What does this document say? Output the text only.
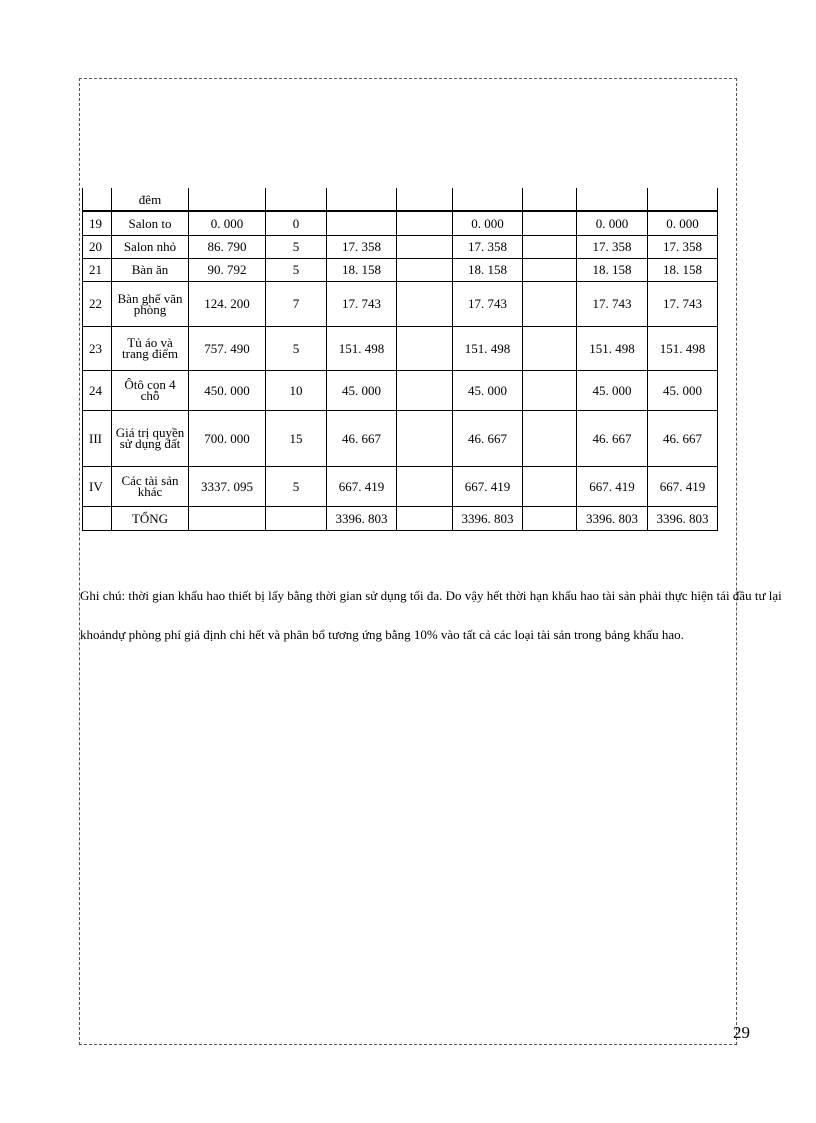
	đêm								
19	Salon to	0. 000	0			0. 000		0. 000	0. 000
20	Salon nhỏ	86. 790	5	17. 358		17. 358		17. 358	17. 358
21	Bàn ăn	90. 792	5	18. 158		18. 158		18. 158	18. 158
22	Bàn ghế văn phòng	124. 200	7	17. 743		17. 743		17. 743	17. 743
23	Tủ áo và trang điểm	757. 490	5	151. 498		151. 498		151. 498	151. 498
24	Ôtô con 4 chỗ	450. 000	10	45. 000		45. 000		45. 000	45. 000
III	Giá trị quyền sử dụng đất	700. 000	15	46. 667		46. 667		46. 667	46. 667
IV	Các tài sản khác	3337. 095	5	667. 419		667. 419		667. 419	667. 419
	TỔNG			3396. 803		3396. 803		3396. 803	3396. 803

Ghi chú: thời gian khấu hao thiết bị lấy bằng thời gian sử dụng tối đa. Do vậy hết thời hạn khấu hao tài sản phải thực hiện tái đầu tư lại

khoảndự phòng phí giả định chi hết và phân bổ tương ứng bằng 10% vào tất cả các loại tài sản trong bảng khấu hao.

29
